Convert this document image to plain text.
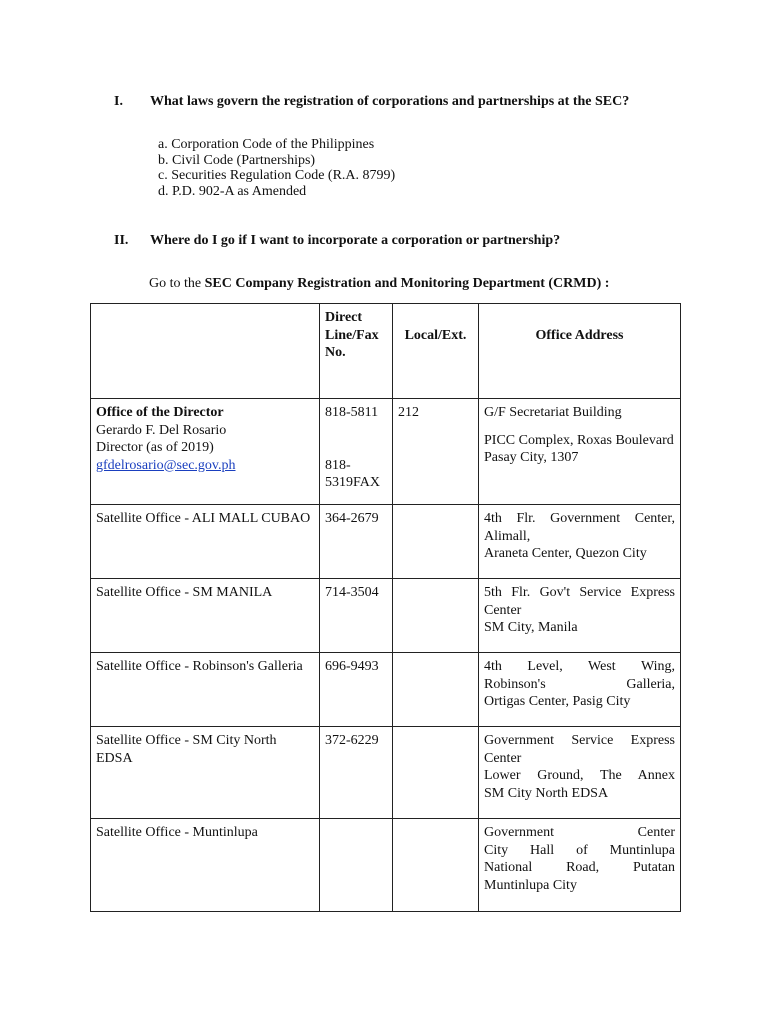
I. What laws govern the registration of corporations and partnerships at the SEC?
a. Corporation Code of the Philippines
b. Civil Code (Partnerships)
c. Securities Regulation Code (R.A. 8799)
d. P.D. 902-A as Amended
II. Where do I go if I want to incorporate a corporation or partnership?
Go to the SEC Company Registration and Monitoring Department (CRMD) :

	Direct
Line/Fax
No.	Local/Ext.	Office Address

Office of the Director
Gerardo F. Del Rosario
Director (as of 2019)
gfdelrosario@sec.gov.ph	818-5811
818-
5319FAX	212	G/F Secretariat Building
PICC Complex, Roxas Boulevard
Pasay City, 1307

Satellite Office - ALI MALL CUBAO	364-2679		4th Flr. Government Center,
Alimall,
Araneta Center, Quezon City

Satellite Office - SM MANILA	714-3504		5th Flr. Gov't Service Express
Center
SM City, Manila

Satellite Office - Robinson's Galleria	696-9493		4th Level, West Wing,
Robinson's Galleria,
Ortigas Center, Pasig City

Satellite Office - SM City North EDSA	372-6229		Government Service Express
Center
Lower Ground, The Annex
SM City North EDSA

Satellite Office - Muntinlupa			Government Center
City Hall of Muntinlupa
National Road, Putatan
Muntinlupa City
